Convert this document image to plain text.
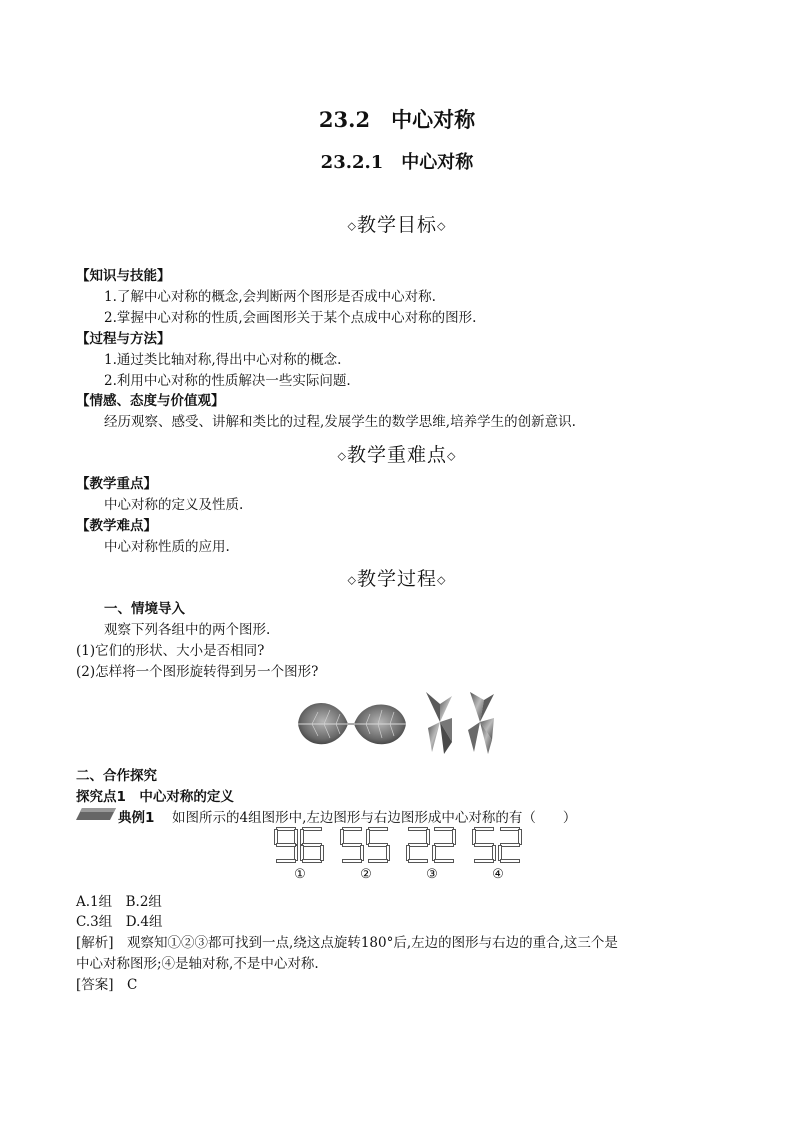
23.2　中心对称
23.2.1　中心对称
◇教学目标◇
【知识与技能】
1.了解中心对称的概念,会判断两个图形是否成中心对称.
2.掌握中心对称的性质,会画图形关于某个点成中心对称的图形.
【过程与方法】
1.通过类比轴对称,得出中心对称的概念.
2.利用中心对称的性质解决一些实际问题.
【情感、态度与价值观】
经历观察、感受、讲解和类比的过程,发展学生的数学思维,培养学生的创新意识.
◇教学重难点◇
【教学重点】
中心对称的定义及性质.
【教学难点】
中心对称性质的应用.
◇教学过程◇
一、情境导入
观察下列各组中的两个图形.
(1)它们的形状、大小是否相同?
(2)怎样将一个图形旋转得到另一个图形?
二、合作探究
探究点1　中心对称的定义
典例1 如图所示的4组图形中,左边图形与右边图形成中心对称的有（　　）
①	②	③	④
A.1组　B.2组
C.3组　D.4组
[解析]　 观察知①②③都可找到一点,绕这点旋转180°后,左边的图形与右边的重合,这三个是
中心对称图形;④是轴对称,不是中心对称.
[答案]　 C
